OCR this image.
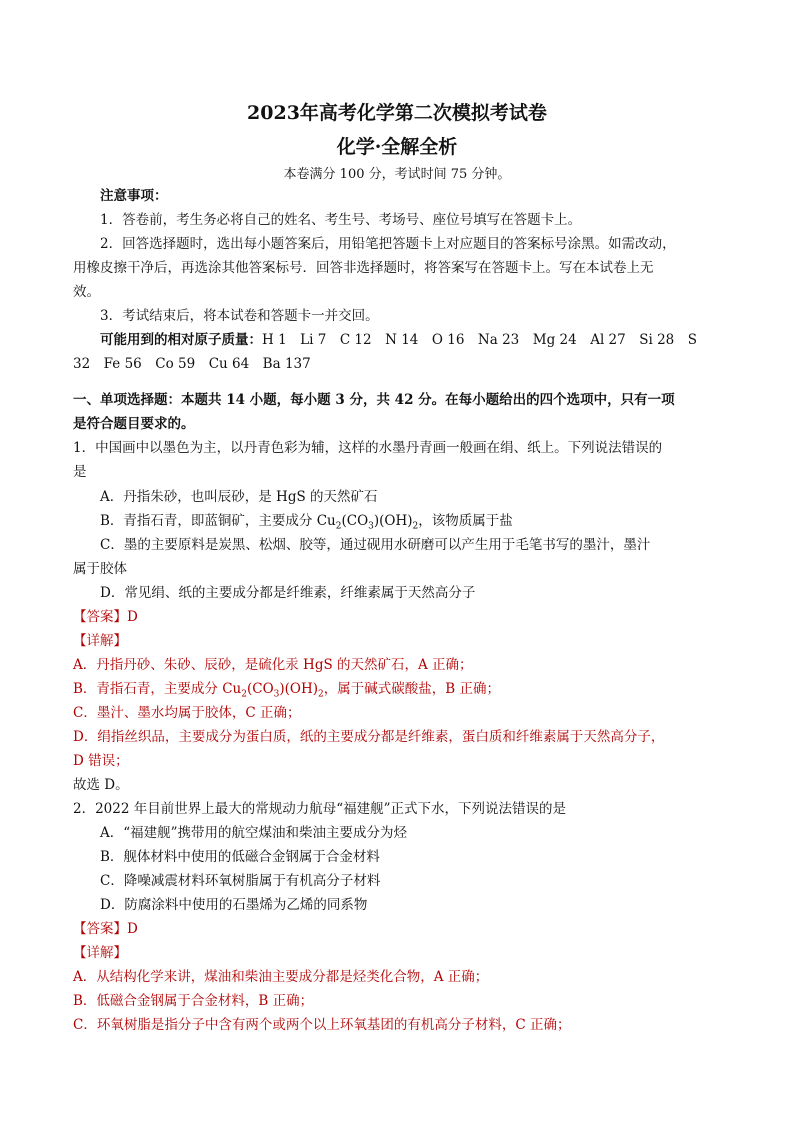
2023年高考化学第二次模拟考试卷
化学·全解全析
本卷满分 100 分，考试时间 75 分钟。
注意事项：
1．答卷前，考生务必将自己的姓名、考生号、考场号、座位号填写在答题卡上。
2．回答选择题时，选出每小题答案后，用铅笔把答题卡上对应题目的答案标号涂黑。如需改动，
用橡皮擦干净后，再选涂其他答案标号．回答非选择题时，将答案写在答题卡上。写在本试卷上无
效。
3．考试结束后，将本试卷和答题卡一并交回。
可能用到的相对原子质量：H 1　Li 7　C 12　N 14　O 16　Na 23　Mg 24　Al 27　Si 28　S
32　Fe 56　Co 59　Cu 64　Ba 137
一、单项选择题：本题共 14 小题，每小题 3 分，共 42 分。在每小题给出的四个选项中，只有一项
是符合题目要求的。
1．中国画中以墨色为主，以丹青色彩为辅，这样的水墨丹青画一般画在绢、纸上。下列说法错误的
是
A．丹指朱砂，也叫辰砂，是 HgS 的天然矿石
B．青指石青，即蓝铜矿，主要成分 $Cu_2(CO_3)(OH)_2$，该物质属于盐
C．墨的主要原料是炭黑、松烟、胶等，通过砚用水研磨可以产生用于毛笔书写的墨汁，墨汁
属于胶体
D．常见绢、纸的主要成分都是纤维素，纤维素属于天然高分子
【答案】D
【详解】
A．丹指丹砂、朱砂、辰砂，是硫化汞 HgS 的天然矿石，A 正确；
B．青指石青，主要成分 $Cu_2(CO_3)(OH)_2$，属于碱式碳酸盐，B 正确；
C．墨汁、墨水均属于胶体，C 正确；
D．绢指丝织品，主要成分为蛋白质，纸的主要成分都是纤维素，蛋白质和纤维素属于天然高分子，
D 错误；
故选 D。
2．2022 年目前世界上最大的常规动力航母“福建舰”正式下水，下列说法错误的是
A．“福建舰”携带用的航空煤油和柴油主要成分为烃
B．舰体材料中使用的低磁合金钢属于合金材料
C．降噪减震材料环氧树脂属于有机高分子材料
D．防腐涂料中使用的石墨烯为乙烯的同系物
【答案】D
【详解】
A．从结构化学来讲，煤油和柴油主要成分都是烃类化合物，A 正确；
B．低磁合金钢属于合金材料，B 正确；
C．环氧树脂是指分子中含有两个或两个以上环氧基团的有机高分子材料，C 正确；
